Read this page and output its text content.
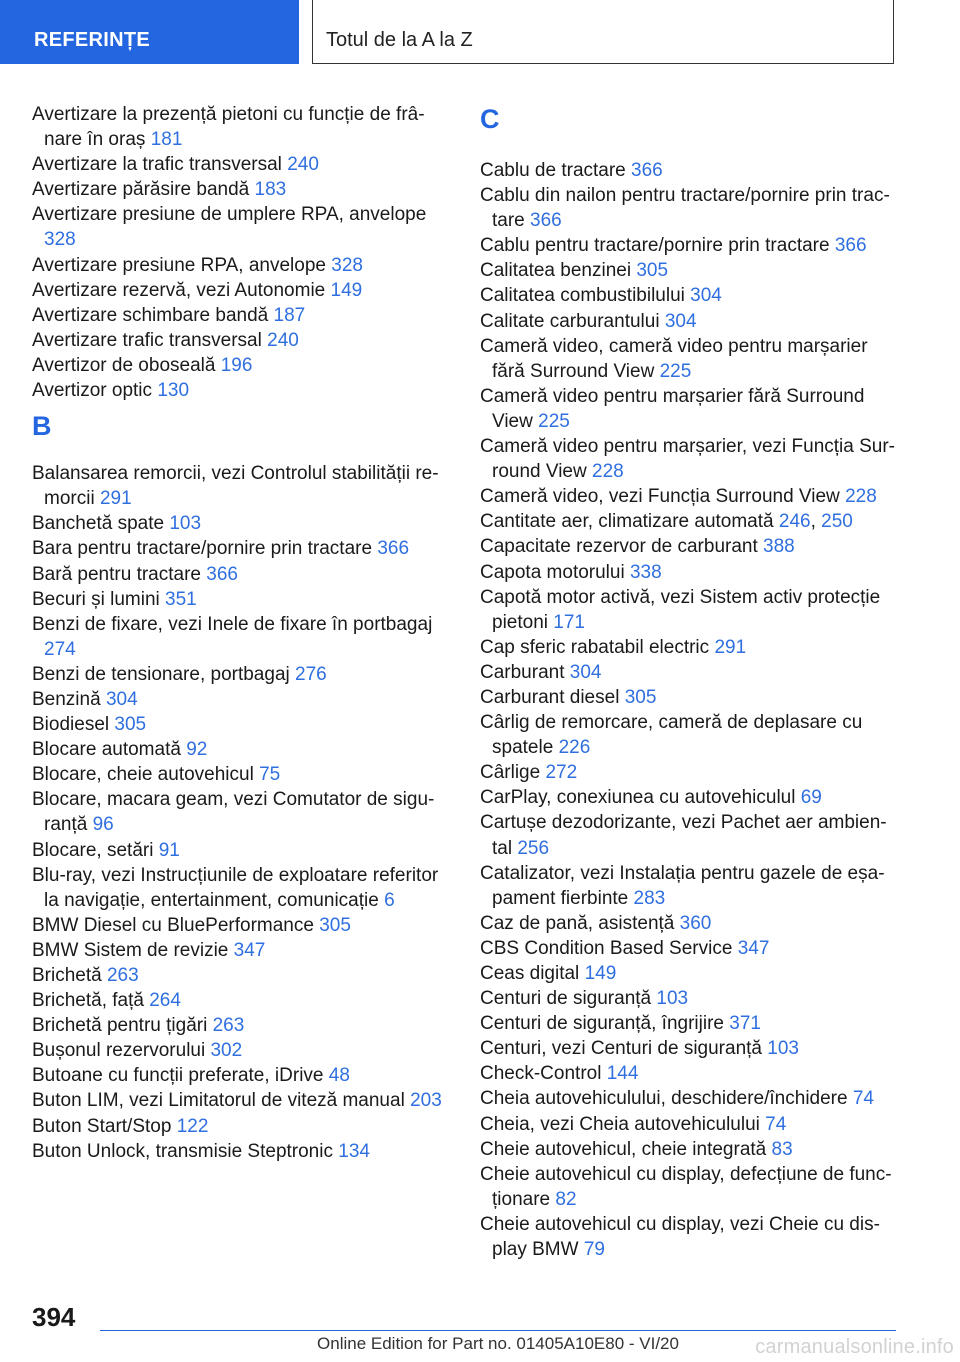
REFERINȚE	Totul de la A la Z
Avertizare la prezență pietoni cu funcție de frânare în oraș 181
Avertizare la trafic transversal 240
Avertizare părăsire bandă 183
Avertizare presiune de umplere RPA, anvelope 328
Avertizare presiune RPA, anvelope 328
Avertizare rezervă, vezi Autonomie 149
Avertizare schimbare bandă 187
Avertizare trafic transversal 240
Avertizor de oboseală 196
Avertizor optic 130
B
Balansarea remorcii, vezi Controlul stabilității remorcii 291
Banchetă spate 103
Bara pentru tractare/pornire prin tractare 366
Bară pentru tractare 366
Becuri și lumini 351
Benzi de fixare, vezi Inele de fixare în portbagaj 274
Benzi de tensionare, portbagaj 276
Benzină 304
Biodiesel 305
Blocare automată 92
Blocare, cheie autovehicul 75
Blocare, macara geam, vezi Comutator de siguranță 96
Blocare, setări 91
Blu-ray, vezi Instrucțiunile de exploatare referitor la navigație, entertainment, comunicație 6
BMW Diesel cu BluePerformance 305
BMW Sistem de revizie 347
Brichetă 263
Brichetă, față 264
Brichetă pentru țigări 263
Bușonul rezervorului 302
Butoane cu funcții preferate, iDrive 48
Buton LIM, vezi Limitatorul de viteză manual 203
Buton Start/Stop 122
Buton Unlock, transmisie Steptronic 134
C
Cablu de tractare 366
Cablu din nailon pentru tractare/pornire prin tractare 366
Cablu pentru tractare/pornire prin tractare 366
Calitatea benzinei 305
Calitatea combustibilului 304
Calitate carburantului 304
Cameră video, cameră video pentru marșarier fără Surround View 225
Cameră video pentru marșarier fără Surround View 225
Cameră video pentru marșarier, vezi Funcția Surround View 228
Cameră video, vezi Funcția Surround View 228
Cantitate aer, climatizare automată 246, 250
Capacitate rezervor de carburant 388
Capota motorului 338
Capotă motor activă, vezi Sistem activ protecție pietoni 171
Cap sferic rabatabil electric 291
Carburant 304
Carburant diesel 305
Cârlig de remorcare, cameră de deplasare cu spatele 226
Cârlige 272
CarPlay, conexiunea cu autovehiculul 69
Cartușe dezodorizante, vezi Pachet aer ambiental 256
Catalizator, vezi Instalația pentru gazele de eșapament fierbinte 283
Caz de pană, asistență 360
CBS Condition Based Service 347
Ceas digital 149
Centuri de siguranță 103
Centuri de siguranță, îngrijire 371
Centuri, vezi Centuri de siguranță 103
Check-Control 144
Cheia autovehiculului, deschidere/închidere 74
Cheia, vezi Cheia autovehiculului 74
Cheie autovehicul, cheie integrată 83
Cheie autovehicul cu display, defecțiune de funcționare 82
Cheie autovehicul cu display, vezi Cheie cu display BMW 79
394
Online Edition for Part no. 01405A10E80 - VI/20	carmanualsonline.info
